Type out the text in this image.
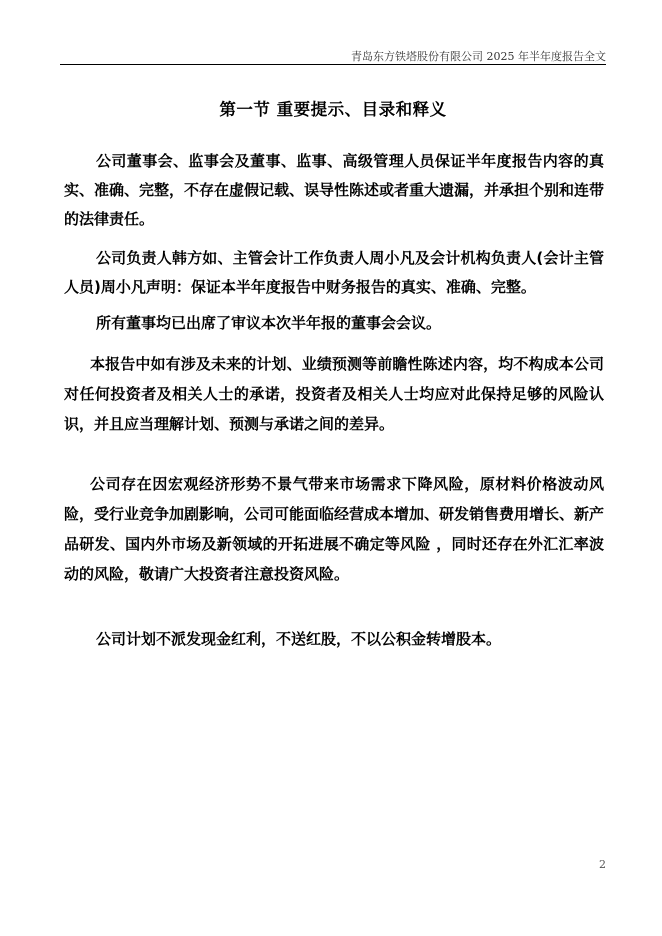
青岛东方铁塔股份有限公司 2025 年半年度报告全文
第一节 重要提示、目录和释义

公司董事会、监事会及董事、监事、高级管理人员保证半年度报告内容的真实、准确、完整，不存在虚假记载、误导性陈述或者重大遗漏，并承担个别和连带的法律责任。

公司负责人韩方如、主管会计工作负责人周小凡及会计机构负责人(会计主管人员)周小凡声明：保证本半年度报告中财务报告的真实、准确、完整。

所有董事均已出席了审议本次半年报的董事会会议。

本报告中如有涉及未来的计划、业绩预测等前瞻性陈述内容，均不构成本公司对任何投资者及相关人士的承诺，投资者及相关人士均应对此保持足够的风险认识，并且应当理解计划、预测与承诺之间的差异。

公司存在因宏观经济形势不景气带来市场需求下降风险，原材料价格波动风险，受行业竞争加剧影响，公司可能面临经营成本增加、研发销售费用增长、新产品研发、国内外市场及新领域的开拓进展不确定等风险 ，同时还存在外汇汇率波动的风险，敬请广大投资者注意投资风险。

公司计划不派发现金红利，不送红股，不以公积金转增股本。

2
